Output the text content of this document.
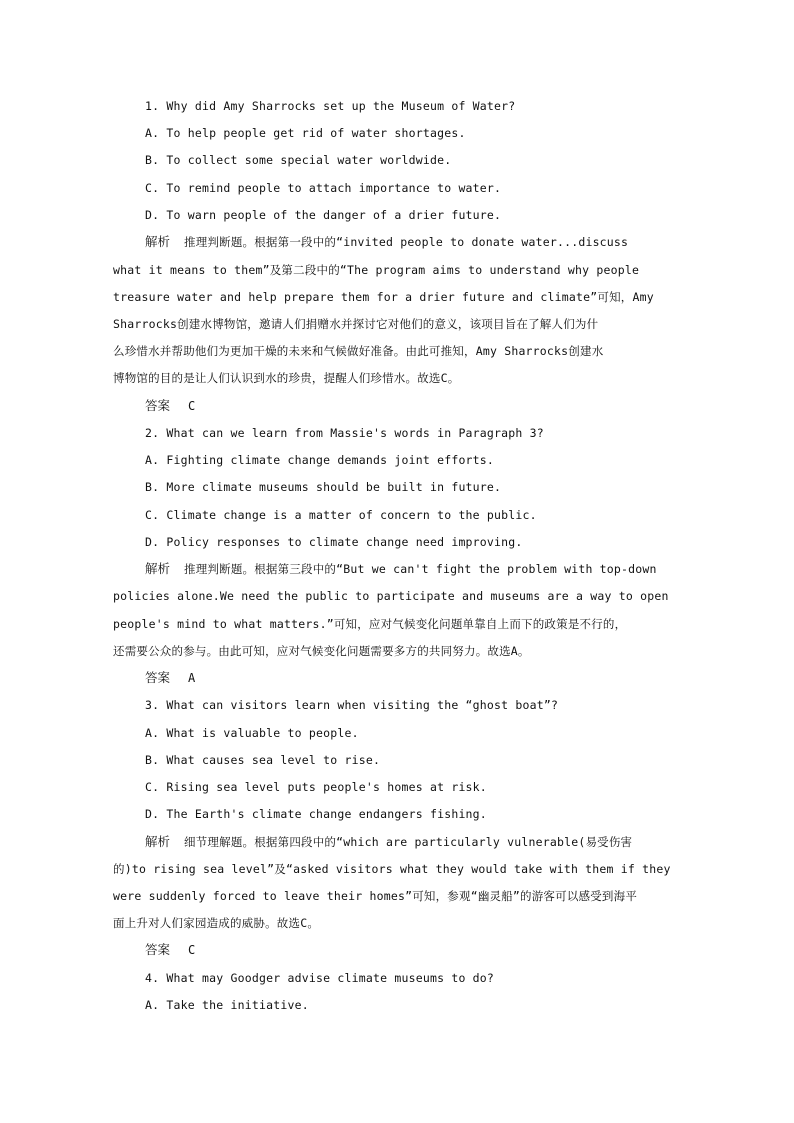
1. Why did Amy Sharrocks set up the Museum of Water?
A. To help people get rid of water shortages.
B. To collect some special water worldwide.
C. To remind people to attach importance to water.
D. To warn people of the danger of a drier future.
解析 推理判断题。根据第一段中的“invited people to donate water...discuss
what it means to them”及第二段中的“The program aims to understand why people
treasure water and help prepare them for a drier future and climate”可知，Amy
Sharrocks创建水博物馆，邀请人们捐赠水并探讨它对他们的意义，该项目旨在了解人们为什
么珍惜水并帮助他们为更加干燥的未来和气候做好准备。由此可推知，Amy Sharrocks创建水
博物馆的目的是让人们认识到水的珍贵，提醒人们珍惜水。故选C。
答案 C
2. What can we learn from Massie's words in Paragraph 3?
A. Fighting climate change demands joint efforts.
B. More climate museums should be built in future.
C. Climate change is a matter of concern to the public.
D. Policy responses to climate change need improving.
解析 推理判断题。根据第三段中的“But we can't fight the problem with top-down
policies alone.We need the public to participate and museums are a way to open
people's mind to what matters.”可知，应对气候变化问题单靠自上而下的政策是不行的，
还需要公众的参与。由此可知，应对气候变化问题需要多方的共同努力。故选A。
答案 A
3. What can visitors learn when visiting the “ghost boat”?
A. What is valuable to people.
B. What causes sea level to rise.
C. Rising sea level puts people's homes at risk.
D. The Earth's climate change endangers fishing.
解析 细节理解题。根据第四段中的“which are particularly vulnerable(易受伤害
的)to rising sea level”及“asked visitors what they would take with them if they
were suddenly forced to leave their homes”可知，参观“幽灵船”的游客可以感受到海平
面上升对人们家园造成的威胁。故选C。
答案 C
4. What may Goodger advise climate museums to do?
A. Take the initiative.
